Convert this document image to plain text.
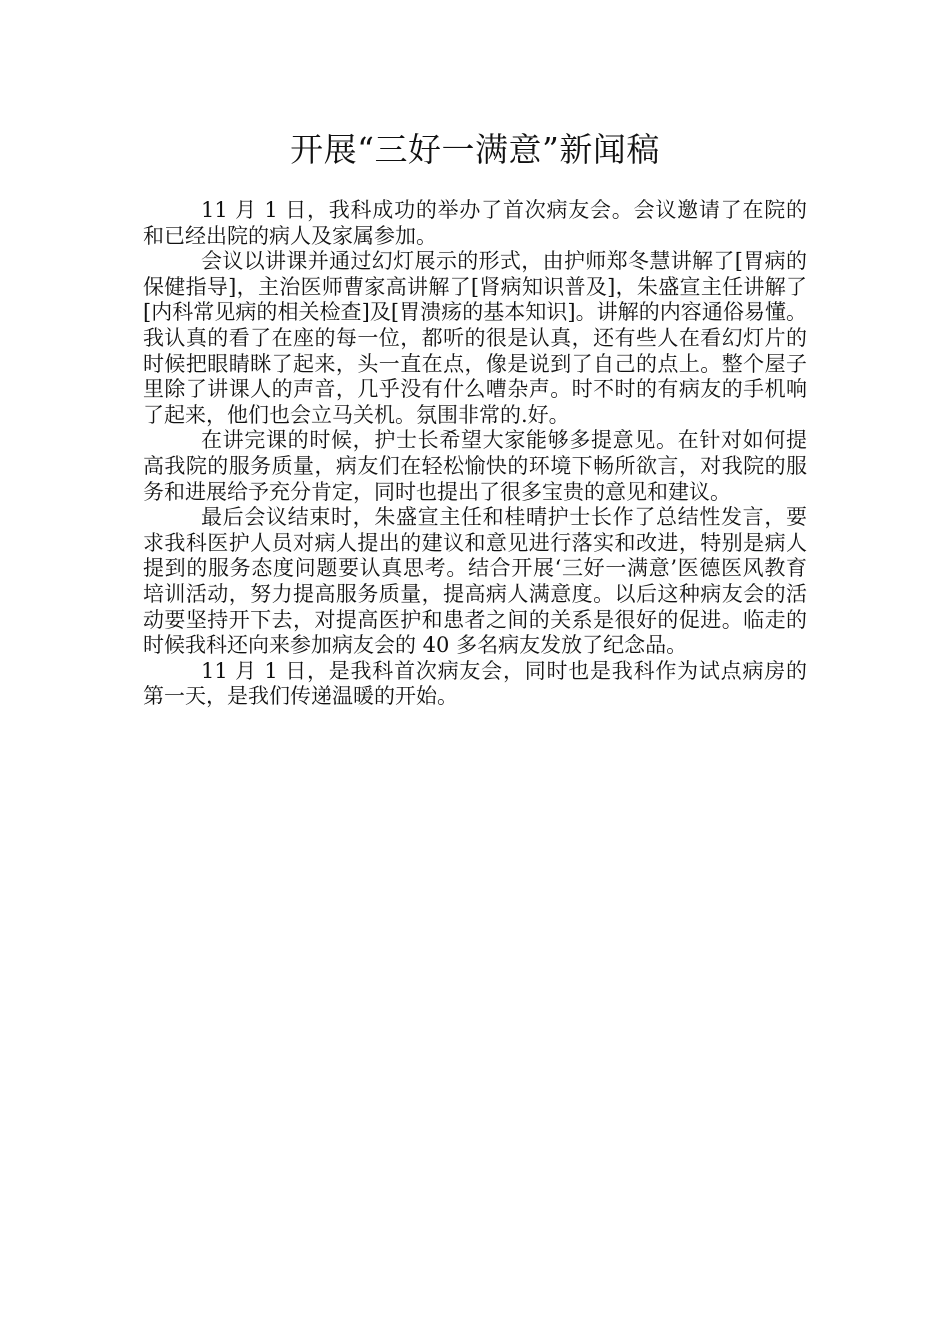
开展“三好一满意”新闻稿

11 月 1 日，我科成功的举办了首次病友会。会议邀请了在院的和已经出院的病人及家属参加。

会议以讲课并通过幻灯展示的形式，由护师郑冬慧讲解了[胃病的保健指导]，主治医师曹家高讲解了[肾病知识普及]，朱盛宣主任讲解了[内科常见病的相关检查]及[胃溃疡的基本知识]。讲解的内容通俗易懂。我认真的看了在座的每一位，都听的很是认真，还有些人在看幻灯片的时候把眼睛眯了起来，头一直在点，像是说到了自己的点上。整个屋子里除了讲课人的声音，几乎没有什么嘈杂声。时不时的有病友的手机响了起来，他们也会立马关机。氛围非常的.好。

在讲完课的时候，护士长希望大家能够多提意见。在针对如何提高我院的服务质量，病友们在轻松愉快的环境下畅所欲言，对我院的服务和进展给予充分肯定，同时也提出了很多宝贵的意见和建议。

最后会议结束时，朱盛宣主任和桂晴护士长作了总结性发言，要求我科医护人员对病人提出的建议和意见进行落实和改进，特别是病人提到的服务态度问题要认真思考。结合开展‘三好一满意’医德医风教育培训活动，努力提高服务质量，提高病人满意度。以后这种病友会的活动要坚持开下去，对提高医护和患者之间的关系是很好的促进。临走的时候我科还向来参加病友会的 40 多名病友发放了纪念品。

11 月 1 日，是我科首次病友会，同时也是我科作为试点病房的第一天，是我们传递温暖的开始。
